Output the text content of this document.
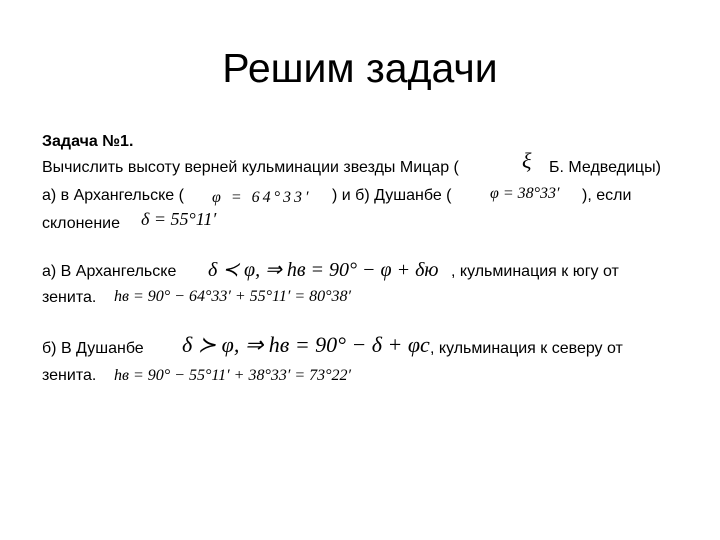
Решим задачи
Задача №1.
Вычислить высоту верней кульминации звезды Мицар (	ξ Б. Медведицы)
а) в Архангельске ( φ = 64°33′ ) и б) Душанбе ( φ = 38°33′ ), если
склонение δ = 55°11′
а) В Архангельске δ ≺ φ, ⇒ hв = 90° − φ + δю , кульминация к югу от
зенита. hв = 90° − 64°33′ + 55°11′ = 80°38′
б) В Душанбе δ ≻ φ, ⇒ hв = 90° − δ + φс , кульминация к северу от
зенита. hв = 90° − 55°11′ + 38°33′ = 73°22′
